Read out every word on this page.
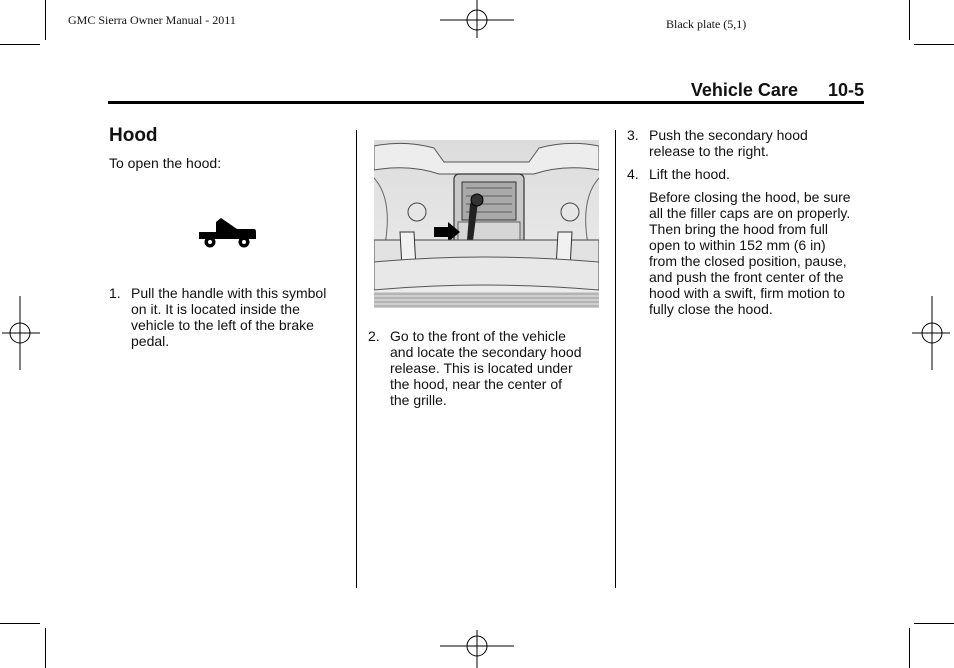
GMC Sierra Owner Manual - 2011	Black plate (5,1)
Vehicle Care 10-5
Hood
To open the hood:
1. Pull the handle with this symbol
on it. It is located inside the
vehicle to the left of the brake
pedal.	2. Go to the front of the vehicle
and locate the secondary hood
release. This is located under
the hood, near the center of
the grille.
3. Push the secondary hood
release to the right.
4. Lift the hood.
Before closing the hood, be sure
all the filler caps are on properly.
Then bring the hood from full
open to within 152 mm (6 in)
from the closed position, pause,
and push the front center of the
hood with a swift, firm motion to
fully close the hood.
